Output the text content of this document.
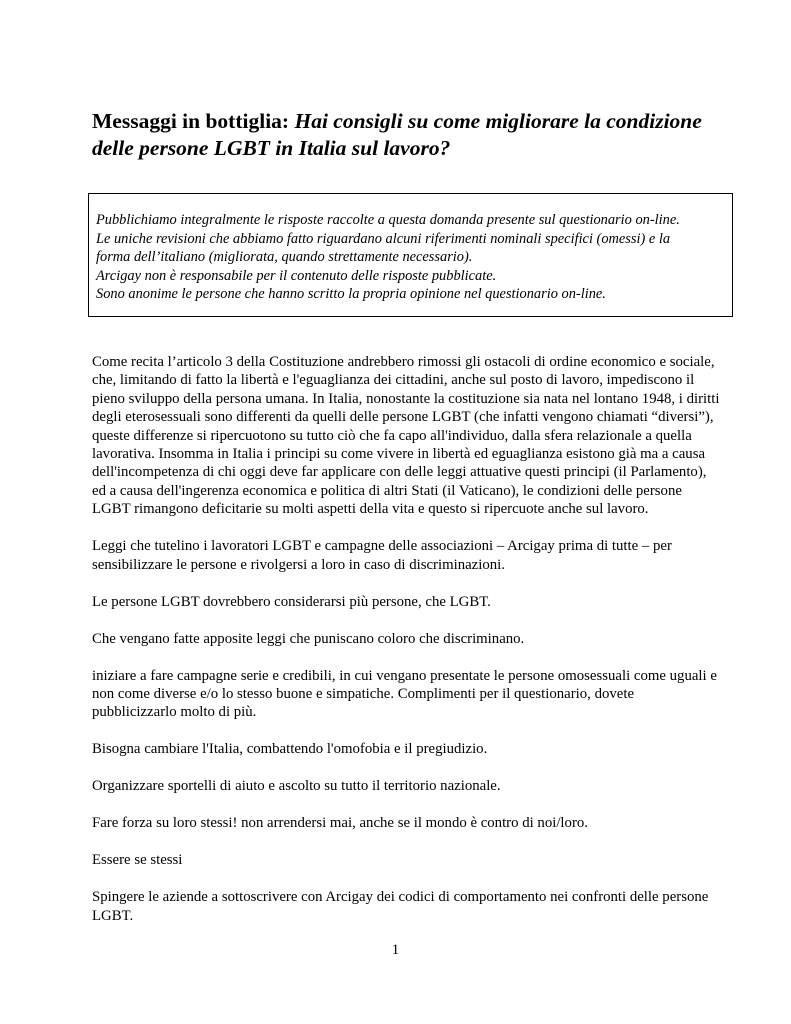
Messaggi in bottiglia: Hai consigli su come migliorare la condizione delle persone LGBT in Italia sul lavoro?

Pubblichiamo integralmente le risposte raccolte a questa domanda presente sul questionario on-line.
Le uniche revisioni che abbiamo fatto riguardano alcuni riferimenti nominali specifici (omessi) e la
forma dell’italiano (migliorata, quando strettamente necessario).
Arcigay non è responsabile per il contenuto delle risposte pubblicate.
Sono anonime le persone che hanno scritto la propria opinione nel questionario on-line.

Come recita l’articolo 3 della Costituzione andrebbero rimossi gli ostacoli di ordine economico e sociale, che, limitando di fatto la libertà e l'eguaglianza dei cittadini, anche sul posto di lavoro, impediscono il pieno sviluppo della persona umana. In Italia, nonostante la costituzione sia nata nel lontano 1948, i diritti degli eterosessuali sono differenti da quelli delle persone LGBT (che infatti vengono chiamati “diversi”), queste differenze si ripercuotono su tutto ciò che fa capo all'individuo, dalla sfera relazionale a quella lavorativa. Insomma in Italia i principi su come vivere in libertà ed eguaglianza esistono già ma a causa dell'incompetenza di chi oggi deve far applicare con delle leggi attuative questi principi (il Parlamento), ed a causa dell'ingerenza economica e politica di altri Stati (il Vaticano), le condizioni delle persone LGBT rimangono deficitarie su molti aspetti della vita e questo si ripercuote anche sul lavoro.

Leggi che tutelino i lavoratori LGBT e campagne delle associazioni – Arcigay prima di tutte – per sensibilizzare le persone e rivolgersi a loro in caso di discriminazioni.

Le persone LGBT dovrebbero considerarsi più persone, che LGBT.

Che vengano fatte apposite leggi che puniscano coloro che discriminano.

iniziare a fare campagne serie e credibili, in cui vengano presentate le persone omosessuali come uguali e non come diverse e/o lo stesso buone e simpatiche. Complimenti per il questionario, dovete pubblicizzarlo molto di più.

Bisogna cambiare l'Italia, combattendo l'omofobia e il pregiudizio.

Organizzare sportelli di aiuto e ascolto su tutto il territorio nazionale.

Fare forza su loro stessi! non arrendersi mai, anche se il mondo è contro di noi/loro.

Essere se stessi

Spingere le aziende a sottoscrivere con Arcigay dei codici di comportamento nei confronti delle persone LGBT.

1
